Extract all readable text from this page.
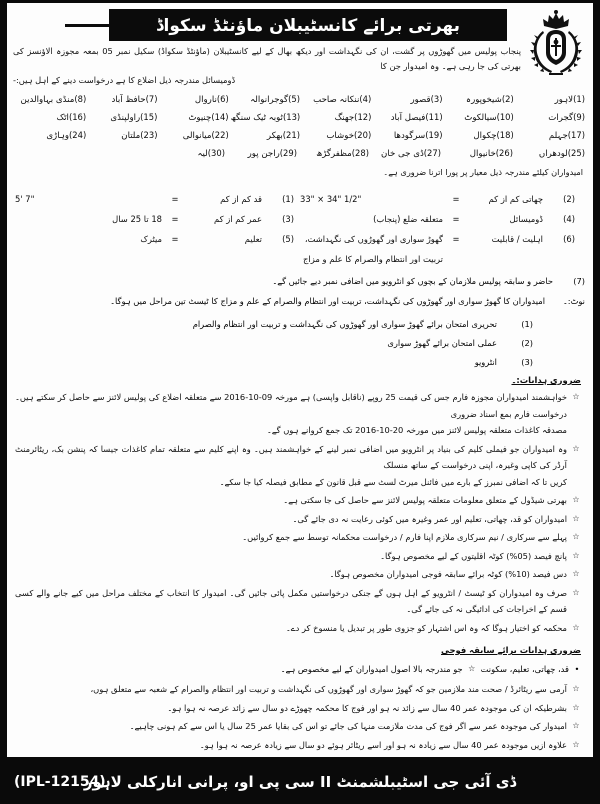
بھرتی برائے کانسٹیبلان ماؤنٹڈ سکواڈ
پنجاب پولیس میں گھوڑوں پر گشت، ان کی نگہداشت اور دیکھ بھال کے لیے کانسٹیبلان (ماؤنٹڈ سکواڈ) سکیل نمبر 05 بمعہ مجوزہ الاؤنسز کی بھرتی کی جا رہی ہے۔ وہ امیدوار جن کا
ڈومیسائل مندرجہ ذیل اضلاع کا ہے درخواست دینے کے اہل ہیں:-
(1)لاہور
(2)شیخوپورہ
(3)قصور
(4)ننکانہ صاحب
(5)گوجرانوالہ
(6)ناروال
(7)حافظ آباد
(8)منڈی بہاوالدین
(9)گجرات
(10)سیالکوٹ
(11)فیصل آباد
(12)جھنگ
(13)ٹوبہ ٹیک سنگھ
(14)چنیوٹ
(15)راولپنڈی
(16)اٹک
(17)جہلم
(18)چکوال
(19)سرگودھا
(20)خوشاب
(21)بھکر
(22)میانوالی
(23)ملتان
(24)وہاڑی
(25)لودھراں
(26)خانیوال
(27)ڈی جی خان
(28)مظفرگڑھ
(29)راجن پور
(30)لیہ
امیدواران کیلئے مندرجہ ذیل معیار پر پورا اترنا ضروری ہے۔
(2)
چھاتی کم از کم
=
33" × 34" 1/2"
(1)
قد کم از کم
=
5' 7"
(4)
ڈومیسائل
=
متعلقہ ضلع (پنجاب)
(3)
عمر کم از کم
=
18 تا 25 سال
(6)
اہلیت / قابلیت
=
گھوڑ سواری اور گھوڑوں کی نگہداشت،
تربیت اور انتظام والصرام کا علم و مزاج
(5)
تعلیم
=
میٹرک
(7)
حاضر و سابقہ پولیس ملازمان کے بچوں کو انٹرویو میں اضافی نمبر دیے جائیں گے۔
نوٹ:۔
امیدواران کا گھوڑ سواری اور گھوڑوں کی نگہداشت، تربیت اور انتظام والصرام کے علم و مزاج کا ٹیسٹ تین مراحل میں ہوگا۔
(1)
تحریری امتحان برائے گھوڑ سواری اور گھوڑوں کی نگہداشت و تربیت اور انتظام والصرام
(2)
عملی امتحان برائے گھوڑ سواری
(3)
انٹرویو
ضروری ہدایات:۔
☆
خواہشمند امیدواران مجوزہ فارم جس کی قیمت 25 روپے (ناقابل واپسی) ہے مورخہ 09-10-2016 سے متعلقہ اضلاع کی پولیس لائنز سے حاصل کر سکتے ہیں۔ درخواست فارم بمع اسناد ضروری
مصدقہ کاغذات متعلقہ پولیس لائنز میں مورخہ 20-10-2016 تک جمع کروانے ہوں گے۔
☆
وہ امیدواران جو فیملی کلیم کی بنیاد پر انٹرویو میں اضافی نمبر لینے کے خواہشمند ہیں۔ وہ اپنے کلیم سے متعلقہ تمام کاغذات جیسا کہ پنشن بک، ریٹائرمنٹ آرڈر کی کاپی وغیرہ، اپنی درخواست کے ساتھ منسلک
کریں تا کہ اضافی نمبرز کے بارے میں فائنل میرٹ لسٹ سے قبل قانون کے مطابق فیصلہ کیا جا سکے۔
☆
بھرتی شیڈول کے متعلق معلومات متعلقہ پولیس لائنز سے حاصل کی جا سکتی ہے۔
☆
امیدواران کو قد، چھاتی، تعلیم اور عمر وغیرہ میں کوئی رعایت نہ دی جائے گی۔
☆
پہلے سے سرکاری / نیم سرکاری ملازم اپنا فارم / درخواست محکمانہ توسط سے جمع کروائیں۔
☆
پانچ فیصد (05%) کوٹہ اقلیتوں کے لیے مخصوص ہوگا۔
☆
دس فیصد (10%) کوٹہ برائے سابقہ فوجی امیدواران مخصوص ہوگا۔
☆
صرف وہ امیدواران کو ٹیسٹ / انٹرویو کے اہل ہوں گے جنکی درخواستیں مکمل پائی جائیں گی۔ امیدوار کا انتخاب کے مختلف مراحل میں کیے جانے والے کسی قسم کے اخراجات کی ادائیگی نہ کی جائے گی۔
☆
محکمہ کو اختیار ہوگا کہ وہ اس اشتہار کو جزوی طور پر تبدیل یا منسوخ کر دے۔
ضروری ہدایات برائے سابقہ فوجی
•
قد، چھاتی، تعلیم، سکونت
☆
جو مندرجہ بالا اصول امیدواران کے لیے مخصوص ہے۔
☆
آرمی سے ریٹائرڈ / صحت مند ملازمین جو کہ گھوڑ سواری اور گھوڑوں کی نگہداشت و تربیت اور انتظام والصرام کے شعبہ سے متعلق ہوں،
☆
بشرطیکہ ان کی موجودہ عمر 40 سال سے زائد نہ ہو اور فوج کا محکمہ چھوڑے دو سال سے زائد عرصہ نہ ہوا ہو۔
☆
امیدوار کی موجودہ عمر سے اگر فوج کی مدت ملازمت منہا کی جائے تو اس کی بقایا عمر 25 سال یا اس سے کم ہونی چاہیے۔
☆
علاوہ ازیں موجودہ عمر 40 سال سے زیادہ نہ ہو اور اسے ریٹائر ہوئے دو سال سے زیادہ عرصہ نہ ہوا ہو۔
ڈی آئی جی اسٹیبلشمنٹ II سی پی او، پرانی انارکلی لاہور
(IPL-12154)
